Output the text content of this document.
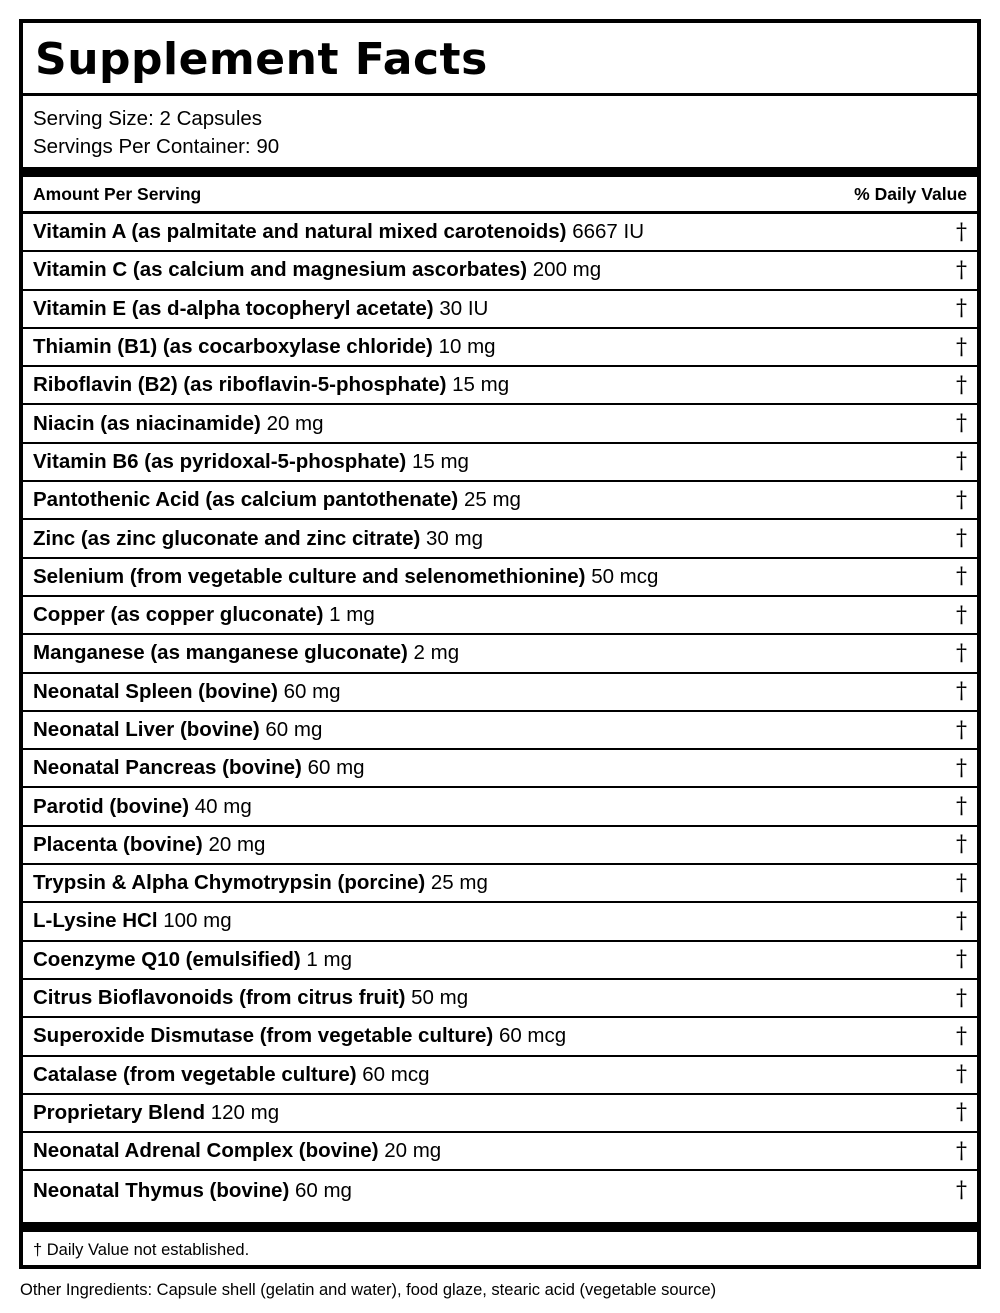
Supplement Facts
Serving Size: 2 Capsules
Servings Per Container: 90
Amount Per Serving	% Daily Value
Vitamin A (as palmitate and natural mixed carotenoids) 6667 IU	†
Vitamin C (as calcium and magnesium ascorbates) 200 mg	†
Vitamin E (as d-alpha tocopheryl acetate) 30 IU	†
Thiamin (B1) (as cocarboxylase chloride) 10 mg	†
Riboflavin (B2) (as riboflavin-5-phosphate) 15 mg	†
Niacin (as niacinamide) 20 mg	†
Vitamin B6 (as pyridoxal-5-phosphate) 15 mg	†
Pantothenic Acid (as calcium pantothenate) 25 mg	†
Zinc (as zinc gluconate and zinc citrate) 30 mg	†
Selenium (from vegetable culture and selenomethionine) 50 mcg	†
Copper (as copper gluconate) 1 mg	†
Manganese (as manganese gluconate) 2 mg	†
Neonatal Spleen (bovine) 60 mg	†
Neonatal Liver (bovine) 60 mg	†
Neonatal Pancreas (bovine) 60 mg	†
Parotid (bovine) 40 mg	†
Placenta (bovine) 20 mg	†
Trypsin & Alpha Chymotrypsin (porcine) 25 mg	†
L-Lysine HCl 100 mg	†
Coenzyme Q10 (emulsified) 1 mg	†
Citrus Bioflavonoids (from citrus fruit) 50 mg	†
Superoxide Dismutase (from vegetable culture) 60 mcg	†
Catalase (from vegetable culture) 60 mcg	†
Proprietary Blend 120 mg	†
Neonatal Adrenal Complex (bovine) 20 mg	†
Neonatal Thymus (bovine) 60 mg	†
† Daily Value not established.
Other Ingredients: Capsule shell (gelatin and water), food glaze, stearic acid (vegetable source)
